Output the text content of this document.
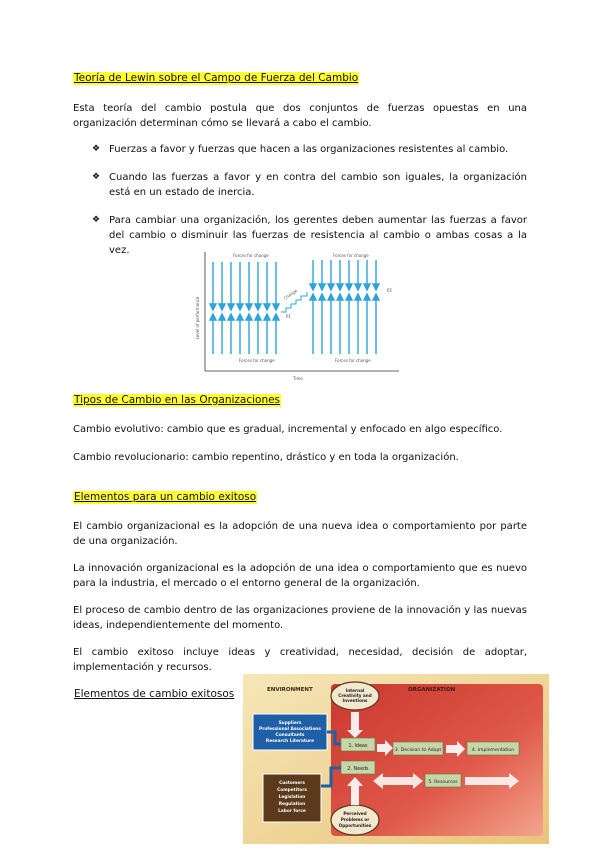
Teoría de Lewin sobre el Campo de Fuerza del Cambio
Esta teoría del cambio postula que dos conjuntos de fuerzas opuestas en una organización determinan cómo se llevará a cabo el cambio.
❖ Fuerzas a favor y fuerzas que hacen a las organizaciones resistentes al cambio.
❖ Cuando las fuerzas a favor y en contra del cambio son iguales, la organización está en un estado de inercia.
❖ Para cambiar una organización, los gerentes deben aumentar las fuerzas a favor del cambio o disminuir las fuerzas de resistencia al cambio o ambas cosas a la vez.
Level of performance
Time
Forces for change	Forces for change
Forces for change	Forces for change
P1
P2
Change
Tipos de Cambio en las Organizaciones
Cambio evolutivo: cambio que es gradual, incremental y enfocado en algo específico.
Cambio revolucionario: cambio repentino, drástico y en toda la organización.
Elementos para un cambio exitoso
El cambio organizacional es la adopción de una nueva idea o comportamiento por parte de una organización.
La innovación organizacional es la adopción de una idea o comportamiento que es nuevo para la industria, el mercado o el entorno general de la organización.
El proceso de cambio dentro de las organizaciones proviene de la innovación y las nuevas ideas, independientemente del momento.
El cambio exitoso incluye ideas y creatividad, necesidad, decisión de adoptar, implementación y recursos.
Elementos de cambio exitosos	ENVIRONMENT	ORGANIZATION
Internal
Creativity and
Inventions
Suppliers
Professional Associations
Consultants
Research Literature
1. Ideas
2. Needs
3. Decision to Adopt	4. Implementation
5. Resources
Customers
Competitors
Legislation
Regulation
Labor force	Perceived
Problems or
Opportunities
